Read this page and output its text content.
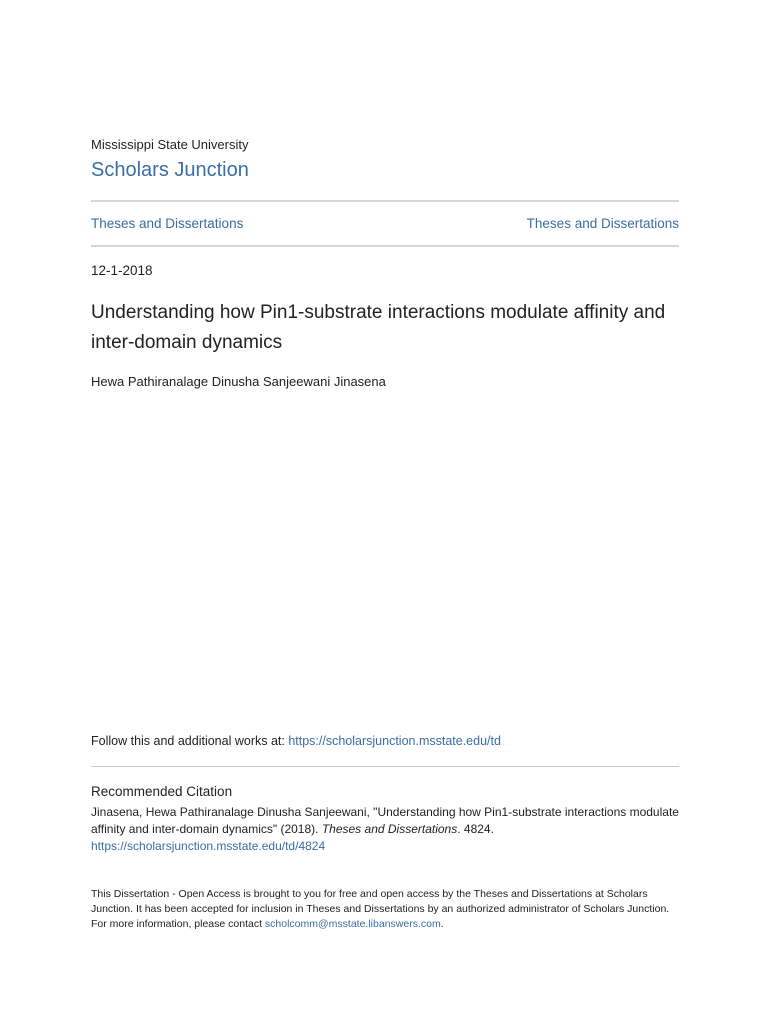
Mississippi State University
Scholars Junction
Theses and Dissertations	Theses and Dissertations
12-1-2018
Understanding how Pin1-substrate interactions modulate affinity and inter-domain dynamics
Hewa Pathiranalage Dinusha Sanjeewani Jinasena
Follow this and additional works at: https://scholarsjunction.msstate.edu/td
Recommended Citation
Jinasena, Hewa Pathiranalage Dinusha Sanjeewani, "Understanding how Pin1-substrate interactions modulate affinity and inter-domain dynamics" (2018). Theses and Dissertations. 4824.
https://scholarsjunction.msstate.edu/td/4824
This Dissertation - Open Access is brought to you for free and open access by the Theses and Dissertations at Scholars Junction. It has been accepted for inclusion in Theses and Dissertations by an authorized administrator of Scholars Junction. For more information, please contact scholcomm@msstate.libanswers.com.
